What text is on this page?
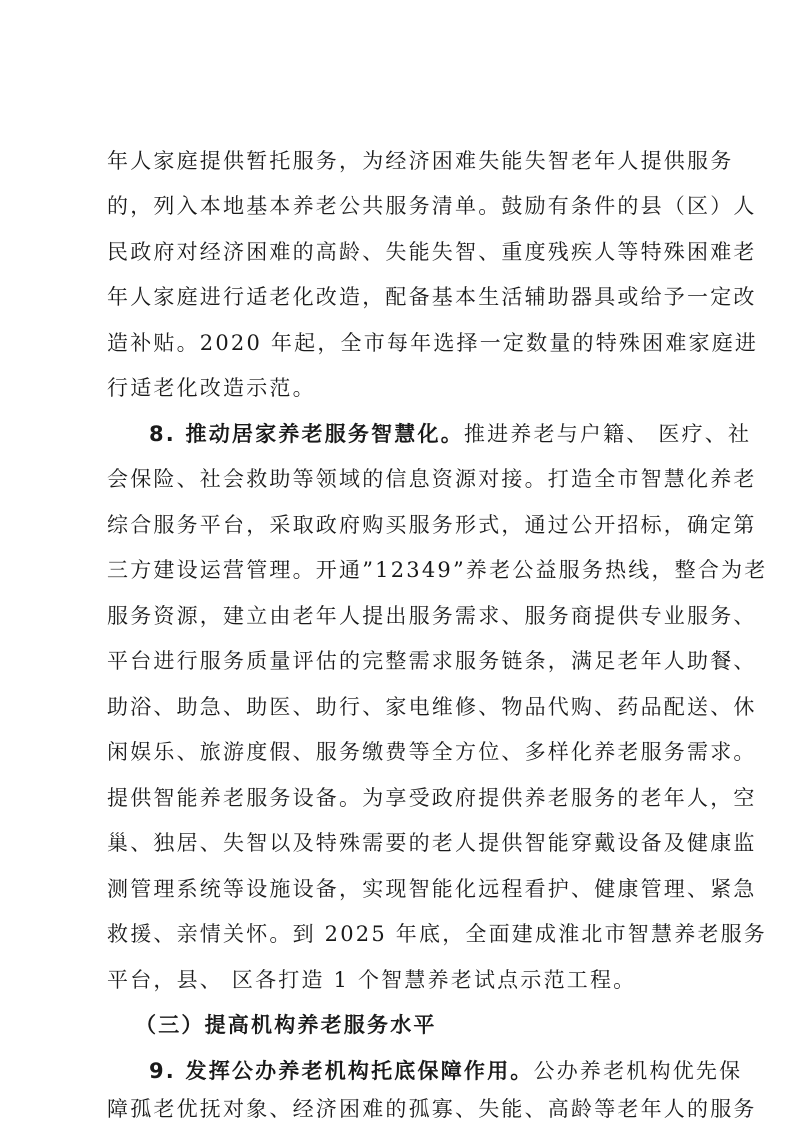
年人家庭提供暂托服务，为经济困难失能失智老年人提供服务
的，列入本地基本养老公共服务清单。鼓励有条件的县（区）人
民政府对经济困难的高龄、失能失智、重度残疾人等特殊困难老
年人家庭进行适老化改造，配备基本生活辅助器具或给予一定改
造补贴。2020 年起，全市每年选择一定数量的特殊困难家庭进
行适老化改造示范。
8. 推动居家养老服务智慧化。推进养老与户籍、 医疗、社
会保险、社会救助等领域的信息资源对接。打造全市智慧化养老
综合服务平台，采取政府购买服务形式，通过公开招标，确定第
三方建设运营管理。开通”12349”养老公益服务热线，整合为老
服务资源，建立由老年人提出服务需求、服务商提供专业服务、
平台进行服务质量评估的完整需求服务链条，满足老年人助餐、
助浴、助急、助医、助行、家电维修、物品代购、药品配送、休
闲娱乐、旅游度假、服务缴费等全方位、多样化养老服务需求。
提供智能养老服务设备。为享受政府提供养老服务的老年人，空
巢、独居、失智以及特殊需要的老人提供智能穿戴设备及健康监
测管理系统等设施设备，实现智能化远程看护、健康管理、紧急
救援、亲情关怀。到 2025 年底，全面建成淮北市智慧养老服务
平台，县、 区各打造 1 个智慧养老试点示范工程。
（三）提高机构养老服务水平
9. 发挥公办养老机构托底保障作用。公办养老机构优先保
障孤老优抚对象、经济困难的孤寡、失能、高龄等老年人的服务
